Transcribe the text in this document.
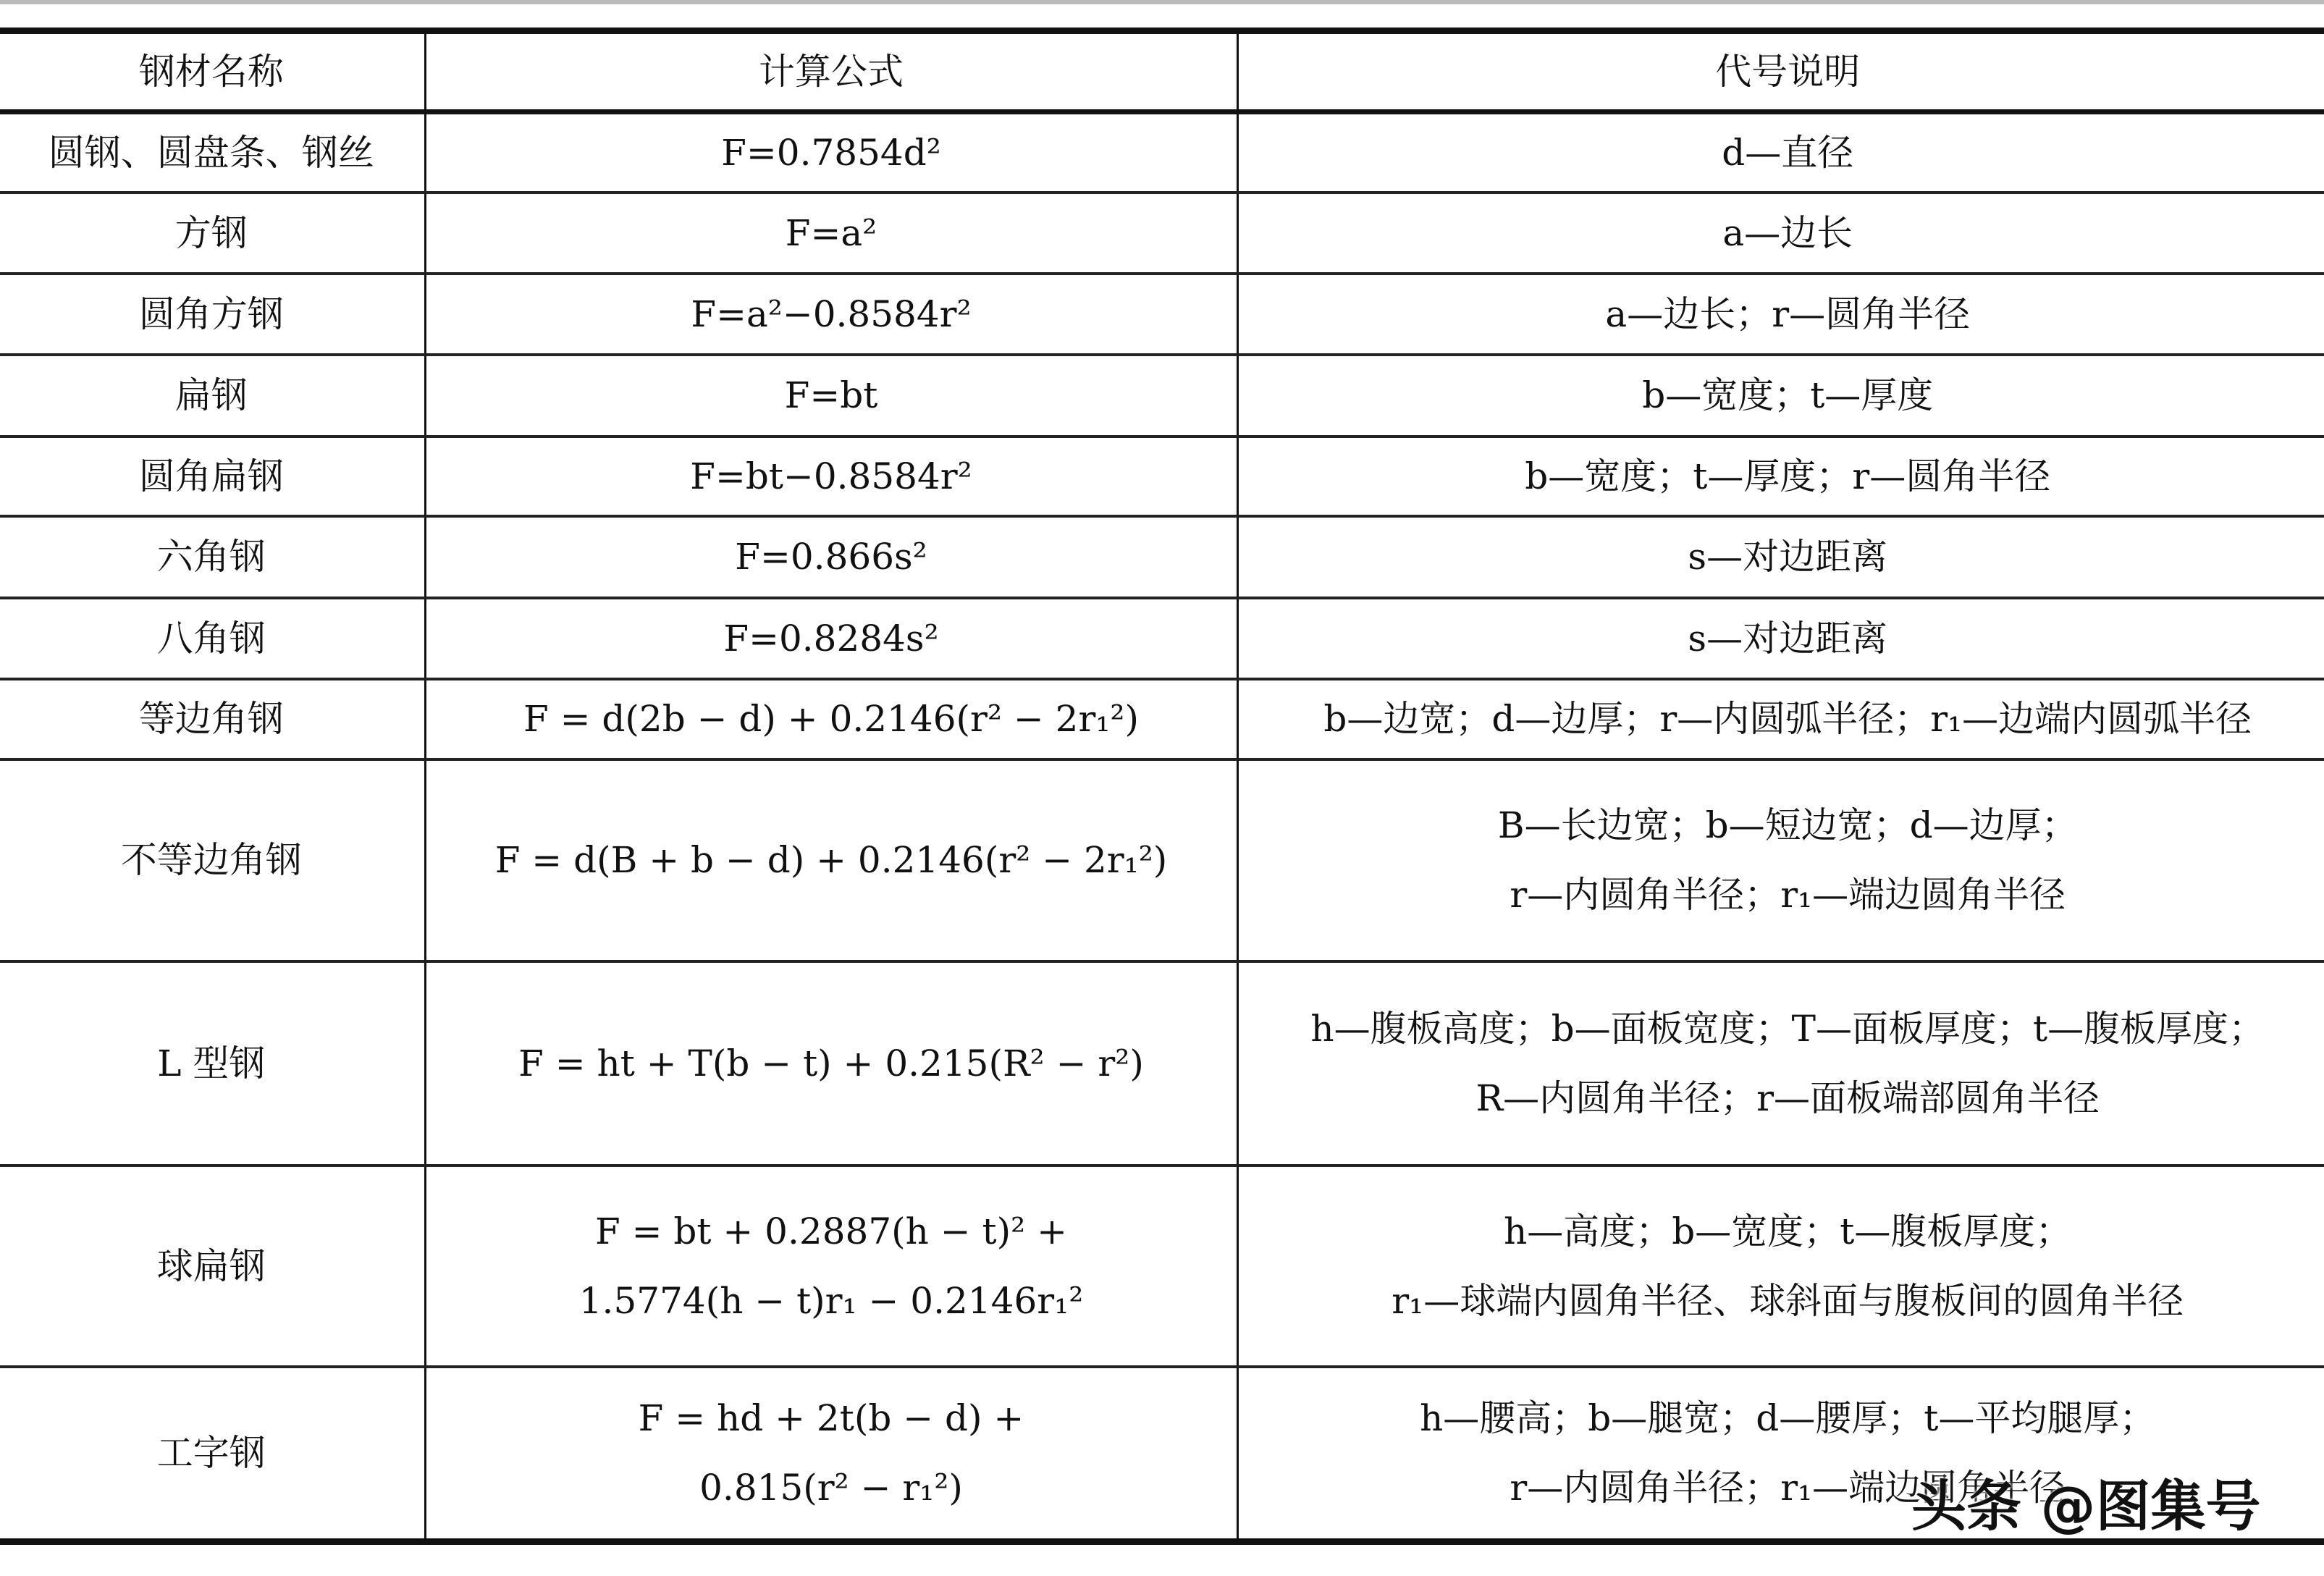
钢材名称	计算公式	代号说明
圆钢、圆盘条、钢丝	F=0.7854d²	d—直径

方钢	F=a²	a—边长

圆角方钢	F=a²−0.8584r²	a—边长；r—圆角半径

扁钢	F=bt	b—宽度；t—厚度

圆角扁钢	F=bt−0.8584r²	b—宽度；t—厚度；r—圆角半径

六角钢	F=0.866s²	s—对边距离

八角钢	F=0.8284s²	s—对边距离

等边角钢	F = d(2b − d) + 0.2146(r² − 2r₁²)	b—边宽；d—边厚；r—内圆弧半径；r₁—边端内圆弧半径

不等边角钢	F = d(B + b − d) + 0.2146(r² − 2r₁²)	B—长边宽；b—短边宽；d—边厚；
r—内圆角半径；r₁—端边圆角半径

L 型钢	F = ht + T(b − t) + 0.215(R² − r²)	h—腹板高度；b—面板宽度；T—面板厚度；t—腹板厚度；
R—内圆角半径；r—面板端部圆角半径

球扁钢	F = bt + 0.2887(h − t)² +
1.5774(h − t)r₁ − 0.2146r₁²	h—高度；b—宽度；t—腹板厚度；
r₁—球端内圆角半径、球斜面与腹板间的圆角半径

工字钢	F = hd + 2t(b − d) +
0.815(r² − r₁²)	h—腰高；b—腿宽；d—腰厚；t—平均腿厚；
r—内圆角半径；r₁—端边圆角半径
头条 @图集号
